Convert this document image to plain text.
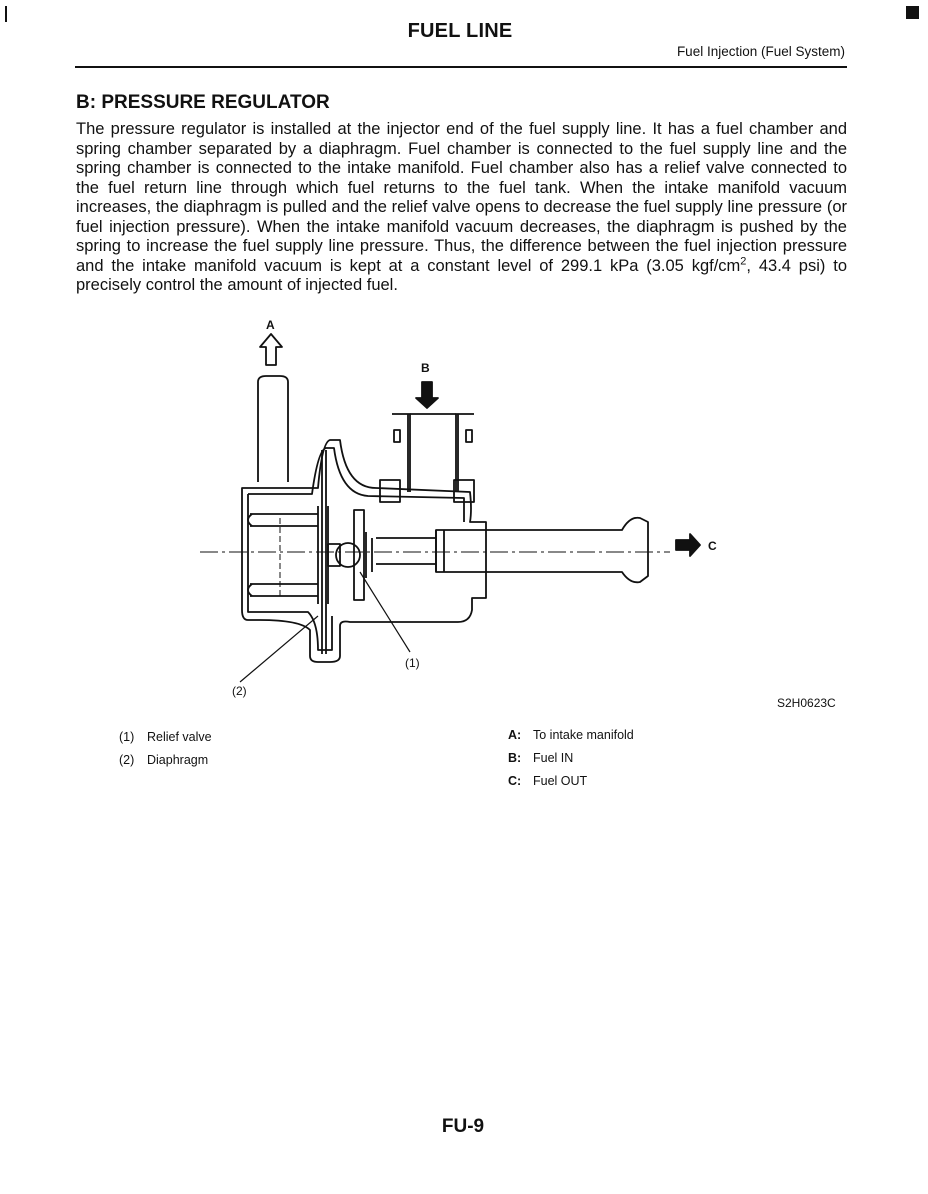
FUEL LINE
Fuel Injection (Fuel System)
B: PRESSURE REGULATOR
The pressure regulator is installed at the injector end of the fuel supply line. It has a fuel chamber and spring chamber separated by a diaphragm. Fuel chamber is connected to the fuel supply line and the spring chamber is connected to the intake manifold. Fuel chamber also has a relief valve connected to the fuel return line through which fuel returns to the fuel tank. When the intake manifold vacuum increases, the diaphragm is pulled and the relief valve opens to decrease the fuel supply line pressure (or fuel injection pressure). When the intake manifold vacuum decreases, the diaphragm is pushed by the spring to increase the fuel supply line pressure. Thus, the difference between the fuel injection pressure and the intake manifold vacuum is kept at a constant level of 299.1 kPa (3.05 kgf/$cm^2$, 43.4 psi) to precisely control the amount of injected fuel.
A
B
C
(1)
(2)
S2H0623C
(1) Relief valve
(2) Diaphragm
A: To intake manifold
B: Fuel IN
C: Fuel OUT
FU-9
